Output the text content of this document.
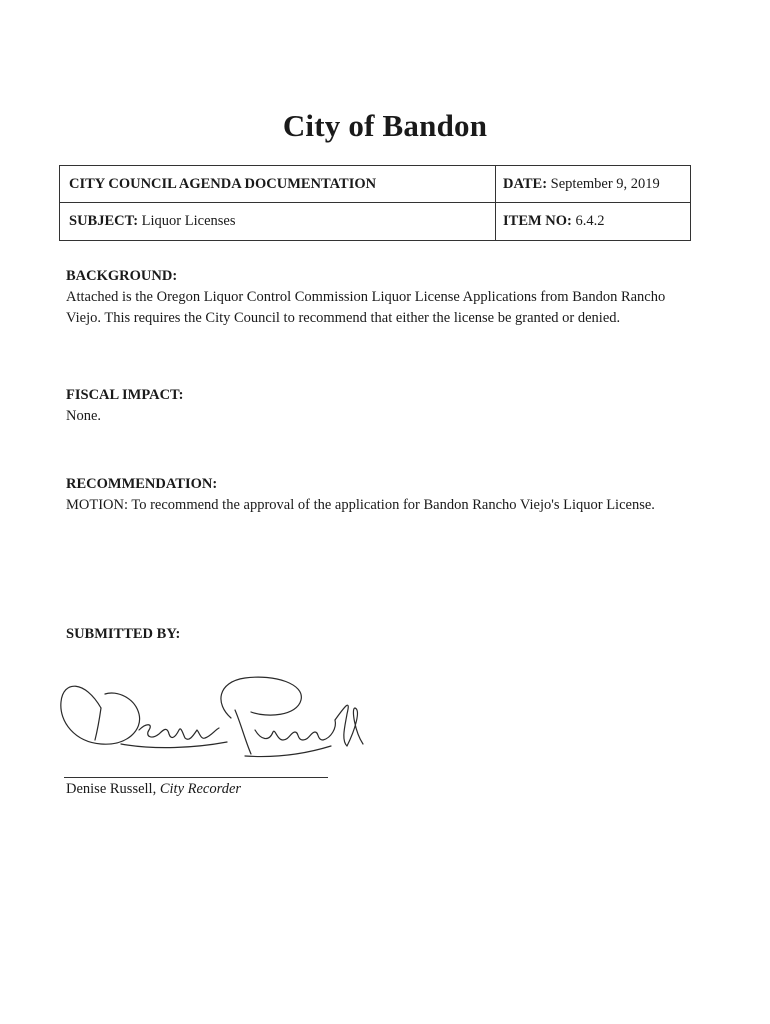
City of Bandon
CITY COUNCIL AGENDA DOCUMENTATION	DATE: September 9, 2019
SUBJECT: Liquor Licenses	ITEM NO: 6.4.2
BACKGROUND:
Attached is the Oregon Liquor Control Commission Liquor License Applications from Bandon Rancho Viejo. This requires the City Council to recommend that either the license be granted or denied.
FISCAL IMPACT:
None.
RECOMMENDATION:
MOTION: To recommend the approval of the application for Bandon Rancho Viejo's Liquor License.
SUBMITTED BY:
Denise Russell, City Recorder
